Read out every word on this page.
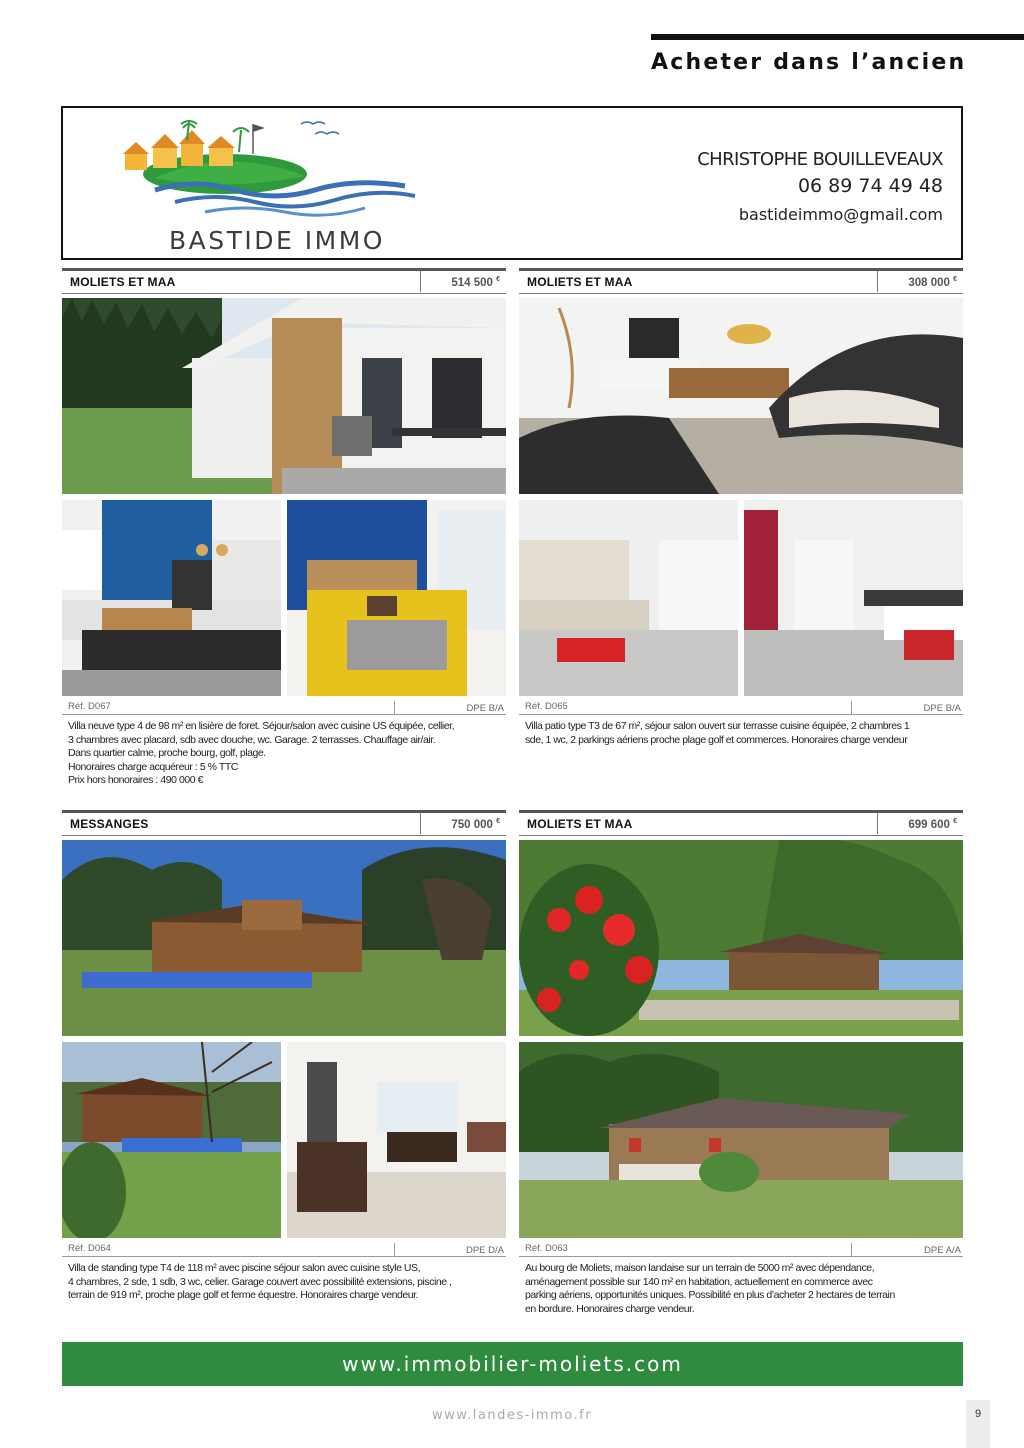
Acheter dans l’ancien
BASTIDE IMMO
CHRISTOPHE BOUILLEVEAUX
06 89 74 49 48
bastideimmo@gmail.com
MOLIETS ET MAA	514 500 €
Réf. D067	DPE B/A
Villa neuve type 4 de 98 m² en lisière de foret. Séjour/salon avec cuisine US équipée, cellier,
3 chambres avec placard, sdb avec douche, wc. Garage. 2 terrasses. Chauffage air/air.
Dans quartier calme, proche bourg, golf, plage.
Honoraires charge acquéreur : 5 % TTC
Prix hors honoraires : 490 000 €
MOLIETS ET MAA	308 000 €
Réf. D065	DPE B/A
Villa patio type T3 de 67 m², séjour salon ouvert sur terrasse cuisine équipée, 2 chambres 1
sde, 1 wc, 2 parkings aériens proche plage golf et commerces. Honoraires charge vendeur
MESSANGES	750 000 €
Réf. D064	DPE D/A
Villa de standing type T4 de 118 m² avec piscine séjour salon avec cuisine style US,
4 chambres, 2 sde, 1 sdb, 3 wc, celier. Garage couvert avec possibilité extensions, piscine ,
terrain de 919 m², proche plage golf et ferme équestre. Honoraires charge vendeur.
MOLIETS ET MAA	699 600 €
Réf. D063	DPE A/A
Au bourg de Moliets, maison landaise sur un terrain de 5000 m² avec dépendance,
aménagement possible sur 140 m² en habitation, actuellement en commerce avec
parking aériens, opportunités uniques. Possibilité en plus d’acheter 2 hectares de terrain
en bordure. Honoraires charge vendeur.
www.immobilier-moliets.com
www.landes-immo.fr	9
